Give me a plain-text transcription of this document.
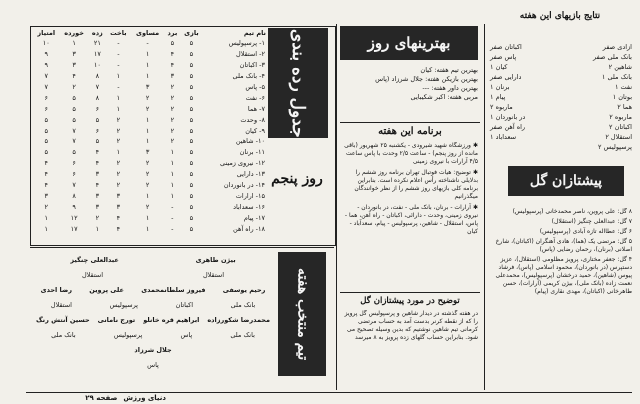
جدول رده بندی
روز پنجم
نام تیم	بازی	برد	مساوی	باخت	زده	خورده	امتیاز
۱- پرسپولیس	۵	۵	-	-	۲۱	۱	۱۰
۲- استقلال	۵	۴	۱	-	۱۷	۳	۹
۳- اکباتان	۵	۴	۱	-	۱۰	۳	۹
۴- بانک ملی	۵	۳	۱	۱	۸	۴	۷
۵- پاس	۵	۲	۳	-	۷	۲	۷
۶- نفت	۵	۲	۲	۱	۸	۵	۶
۷- هما	۵	۲	۲	۱	۶	۵	۶
۸- وحدت	۵	۲	۱	۲	۵	۵	۵
۹- کیان	۵	۲	۱	۲	۶	۷	۵
۱۰- شاهین	۵	۲	۱	۲	۵	۷	۵
۱۱- برنان	۵	۱	۳	۱	۴	۵	۵
۱۲- نیروی زمینی	۵	۱	۲	۲	۴	۶	۴
۱۳- دارایی	۵	۱	۲	۲	۳	۶	۴
۱۴- در بانوردان	۵	۱	۲	۲	۴	۷	۴
۱۵- ارارات	۵	۱	۱	۳	۳	۸	۳
۱۶- سعداباد	۵	-	۲	۳	۳	۹	۲
۱۷- پیام	۵	-	۱	۴	۲	۱۲	۱
۱۸- راه آهن	۵	-	۱	۴	۱	۱۷	۱
تیم منتخب هفته
بیژن طاهری
عبدالعلی چنگیز
استقلال
استقلال
رحیم یوسفی
فیروز سلطانمحمدی
علی پروین
رضا احدی
بانک ملی
اکباتان
پرسپولیس
استقلال
محمدرضا شکورزاده
ابراهیم قره خانلو
تورج نامانی
حسین آنتش رنگ
بانک ملی
پاس
پرسپولیس
بانک ملی
جلال شرزاد
پاس
دنیای ورزش
صفحه ۲۹
بهترینهای روز
بهترین تیم هفته: کیان
بهترین بازیکن هفته: جلال شرزاد (پاس
بهترین داور هفته: ---
مربی هفته: اکبر شکیبایی
برنامه این هفته
✱ ورزشگاه شهید شیرودی - یکشنبه ۲۵ شهریور (باقی مانده از روز پنجم) - ساعت ۲/۵ وحدت با پاس ساعت ۴/۵ آرارات با نیروی زمینی
✱ توضیح: هیات فوتبال تهران برنامه روز ششم را بدلایلی ناشناخته رأس اعلام نکرده است. بنابراین برنامه کلی بازیهای روز ششم را از نظر خوانندگان میگذرانیم
✱ آرارات - برنان، بانک ملی - نفت، در بانوردان - نیروی زمینی، وحدت - دارائی، اکباتان - راه آهن، هما - پاس، استقلال - شاهین، پرسپولیس - پیام، سعدآباد - کیان
توضیح در مورد پیشتازان گل
در هفته گذشته در دیدار شاهین و پرسپولیس گل پرویز را که از نقطه کرنر بدست آمد به حساب مرتضی کرمانی تیم شاهین نوشتیم که بدین وسیله تصحیح می شود. بنابراین حساب گلهای زده پرویز به ۸ میرسد
نتایج بازیهای این هفته
ازادی صفر
اکباتان صفر
بانک ملی صفر
پاس صفر
شاهین ۲
کیان ۱
بانک ملی ۱
دارایی صفر
نفت ۱
برنان ۱
بوتان ۱
پیام ۱
هما ۲
ماربوه ۲
ماربوه ۲
در بانوردان ۱
اکباتان ۲
راه آهن صفر
استقلال ۲
سعداباد ۱
پرسپولیس ۲
پیشتازان گل
۸ گل: علی پروین، ناصر محمدخانی (پرسپولیس)
۷ گل: عبدالعلی چنگیز (استقلال)
۶ گل: عطااله تازه آبادی (پرسپولیس)
۵ گل: مرتضی یک (هما)، هادی آهنگران (اکباتان)، شارخ اصلانی (برنان)، رحمان رضایی (پاس)
۴ گل: جعفر مختاری، پرویز مظلومی (استقلال)، عزیز دستپرس (در بانوردان)، محمود اسلامی (پاس)، فرشاد پیوس (شاهین)، حمید درخشان (پرسپولیس)، محمدعلی نعمت زاده (بانک ملی)، بیژن کریمی (آرارات)، حسن طاهرخانی (اکباتان)، مهدی نقاری (پیام)
